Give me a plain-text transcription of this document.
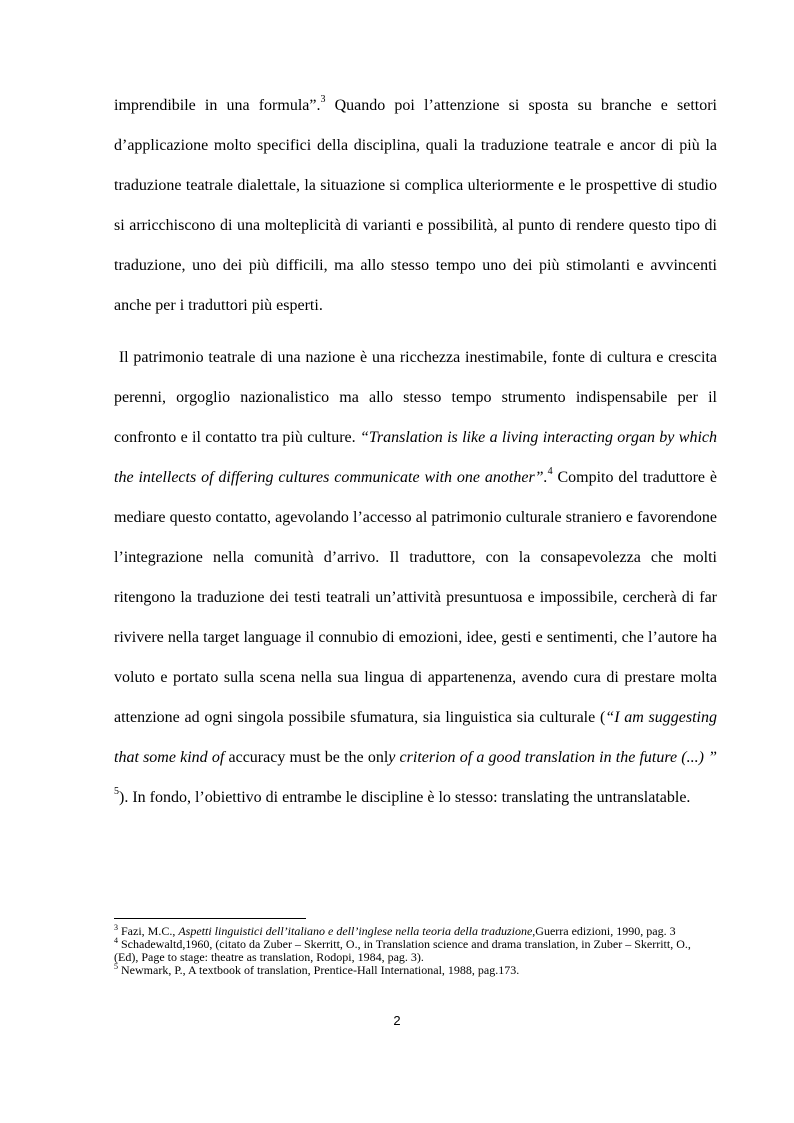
imprendibile in una formula”.$^3$ Quando poi l’attenzione si sposta su branche e settori d’applicazione molto specifici della disciplina, quali la traduzione teatrale e ancor di più la traduzione teatrale dialettale, la situazione si complica ulteriormente e le prospettive di studio si arricchiscono di una molteplicità di varianti e possibilità, al punto di rendere questo tipo di traduzione, uno dei più difficili, ma allo stesso tempo uno dei più stimolanti e avvincenti anche per i traduttori più esperti.

Il patrimonio teatrale di una nazione è una ricchezza inestimabile, fonte di cultura e crescita perenni, orgoglio nazionalistico ma allo stesso tempo strumento indispensabile per il confronto e il contatto tra più culture. “Translation is like a living interacting organ by which the intellects of differing cultures communicate with one another”.$^4$ Compito del traduttore è mediare questo contatto, agevolando l’accesso al patrimonio culturale straniero e favorendone l’integrazione nella comunità d’arrivo. Il traduttore, con la consapevolezza che molti ritengono la traduzione dei testi teatrali un’attività presuntuosa e impossibile, cercherà di far rivivere nella target language il connubio di emozioni, idee, gesti e sentimenti, che l’autore ha voluto e portato sulla scena nella sua lingua di appartenenza, avendo cura di prestare molta attenzione ad ogni singola possibile sfumatura, sia linguistica sia culturale (“I am suggesting that some kind of accuracy must be the only criterion of a good translation in the future (...) ” $^5$). In fondo, l’obiettivo di entrambe le discipline è lo stesso: translating the untranslatable.

$^3$ Fazi, M.C., Aspetti linguistici dell’italiano e dell’inglese nella teoria della traduzione,Guerra edizioni, 1990, pag. 3

$^4$ Schadewaltd,1960, (citato da Zuber – Skerritt, O., in Translation science and drama translation, in Zuber – Skerritt, O., (Ed), Page to stage: theatre as translation, Rodopi, 1984, pag. 3).

$^5$ Newmark, P., A textbook of translation, Prentice-Hall International, 1988, pag.173.

2
